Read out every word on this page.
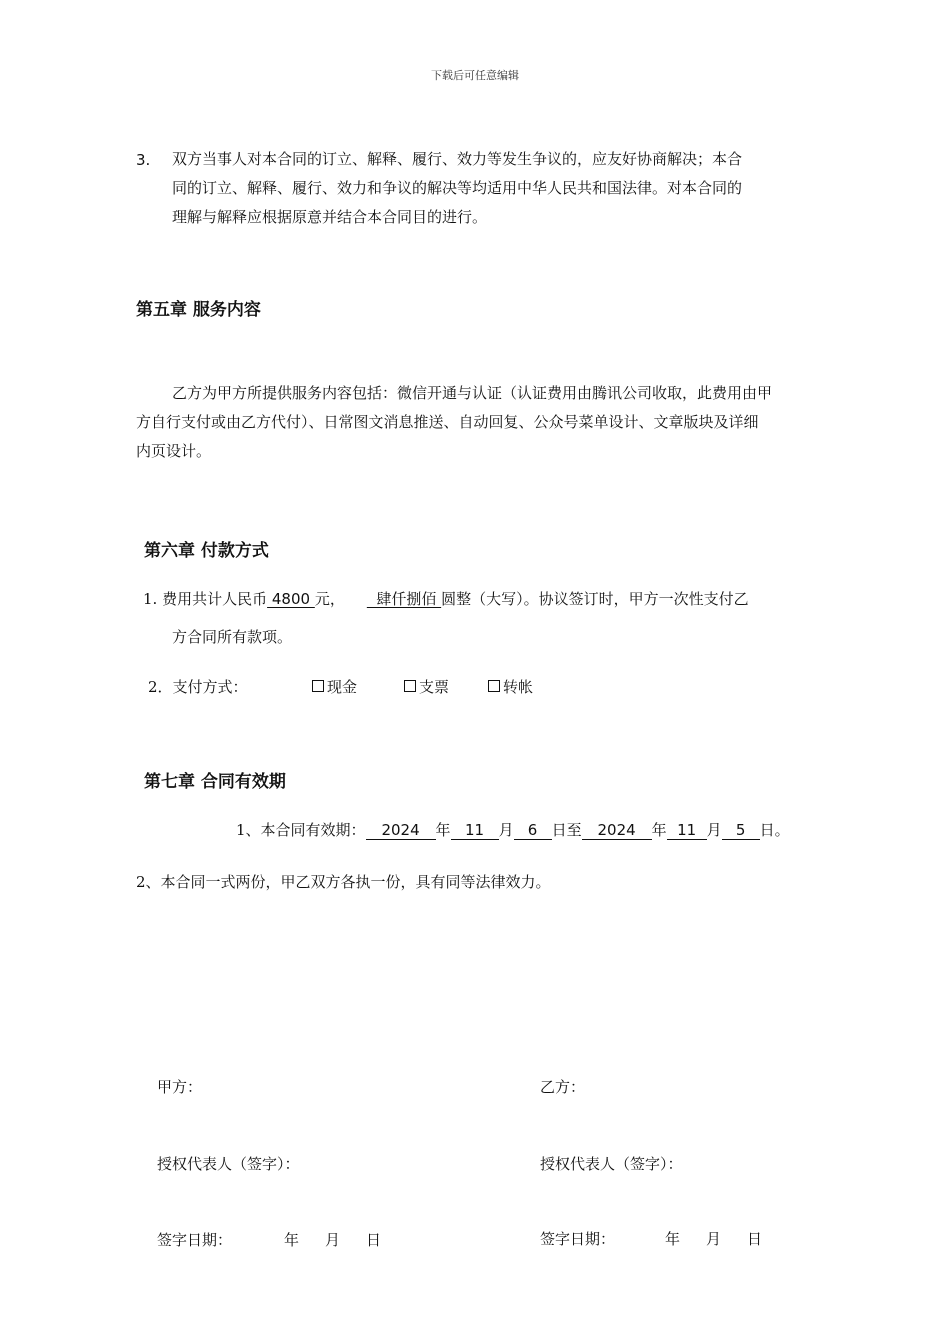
下载后可任意编辑
3. 双方当事人对本合同的订立、解释、履行、效力等发生争议的，应友好协商解决；本合
同的订立、解释、履行、效力和争议的解决等均适用中华人民共和国法律。对本合同的
理解与解释应根据原意并结合本合同目的进行。
第五章 服务内容
乙方为甲方所提供服务内容包括：微信开通与认证（认证费用由腾讯公司收取，此费用由甲
方自行支付或由乙方代付）、日常图文消息推送、自动回复、公众号菜单设计、文章版块及详细
内页设计。
第六章 付款方式
1. 费用共计人民币 4800 元，  肆仟捌佰 圆整（大写）。协议签订时，甲方一次性支付乙
方合同所有款项。
2．支付方式：	现金	支票	转帐
第七章 合同有效期
1、本合同有效期： 2024 年 11 月 6 日至 2024 年 11 月 5 日。
2、本合同一式两份，甲乙双方各执一份，具有同等法律效力。
甲方：	乙方：
授权代表人（签字）：	授权代表人（签字）：
签字日期：	年 月 日	签字日期：	年 月 日
